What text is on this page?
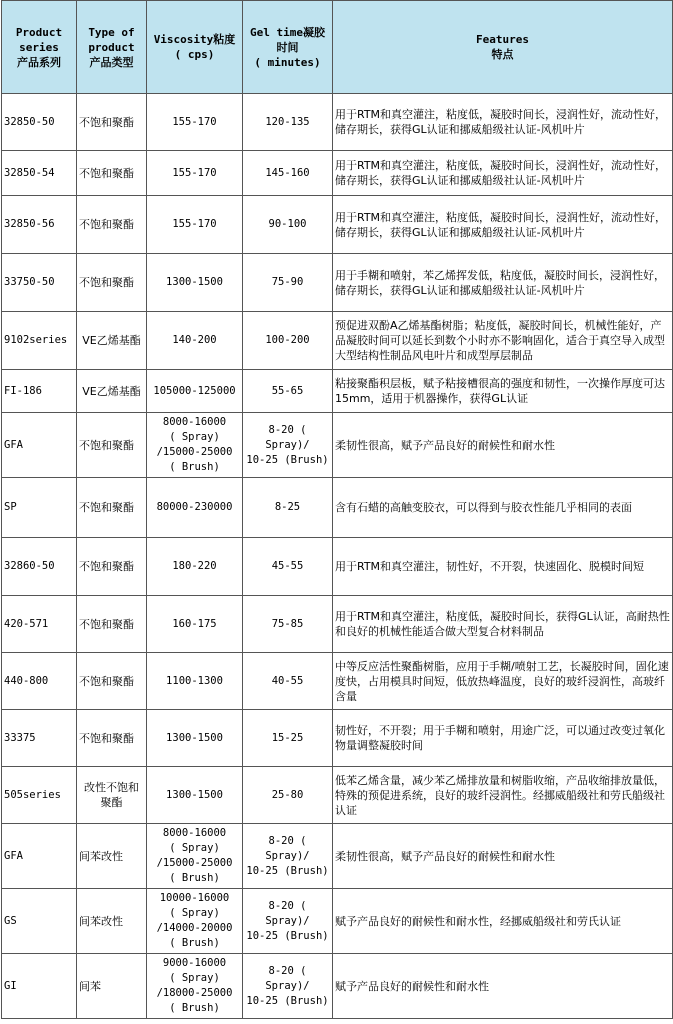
Product
series
产品系列	Type of
product
产品类型	Viscosity粘度
( cps)	Gel time凝胶
时间
( minutes)	Features
特点

32850-50	不饱和聚酯	155-170	120-135	用于RTM和真空灌注，粘度低，凝胶时间长，浸润性好，流动性好，储存期长，获得GL认证和挪威船级社认证-风机叶片
32850-54	不饱和聚酯	155-170	145-160	用于RTM和真空灌注，粘度低，凝胶时间长，浸润性好，流动性好，储存期长，获得GL认证和挪威船级社认证-风机叶片
32850-56	不饱和聚酯	155-170	90-100	用于RTM和真空灌注，粘度低，凝胶时间长，浸润性好，流动性好，储存期长，获得GL认证和挪威船级社认证-风机叶片
33750-50	不饱和聚酯	1300-1500	75-90	用于手糊和喷射，苯乙烯挥发低，粘度低，凝胶时间长，浸润性好，储存期长，获得GL认证和挪威船级社认证-风机叶片
9102series	VE乙烯基酯	140-200	100-200	预促进双酚A乙烯基酯树脂；粘度低，凝胶时间长，机械性能好，产品凝胶时间可以延长到数个小时亦不影响固化，适合于真空导入成型大型结构性制品风电叶片和成型厚层制品
FI-186	VE乙烯基酯	105000-125000	55-65	粘接聚酯积层板，赋予粘接槽很高的强度和韧性，一次操作厚度可达15mm，适用于机器操作，获得GL认证
GFA	不饱和聚酯	8000-16000
( Spray)
/15000-25000
( Brush)	8-20 ( Spray)/
10-25 (Brush)	柔韧性很高，赋予产品良好的耐候性和耐水性
SP	不饱和聚酯	80000-230000	8-25	含有石蜡的高触变胶衣，可以得到与胶衣性能几乎相同的表面
32860-50	不饱和聚酯	180-220	45-55	用于RTM和真空灌注，韧性好，不开裂，快速固化、脱模时间短
420-571	不饱和聚酯	160-175	75-85	用于RTM和真空灌注，粘度低，凝胶时间长，获得GL认证，高耐热性和良好的机械性能适合做大型复合材料制品
440-800	不饱和聚酯	1100-1300	40-55	中等反应活性聚酯树脂，应用于手糊/喷射工艺，长凝胶时间，固化速度快，占用模具时间短，低放热峰温度，良好的玻纤浸润性，高玻纤含量
33375	不饱和聚酯	1300-1500	15-25	韧性好，不开裂；用于手糊和喷射，用途广泛，可以通过改变过氧化物量调整凝胶时间
505series	改性不饱和聚酯	1300-1500	25-80	低苯乙烯含量，减少苯乙烯排放量和树脂收缩，产品收缩排放量低，特殊的预促进系统，良好的玻纤浸润性。经挪威船级社和劳氏船级社认证
GFA	间苯改性	8000-16000
( Spray)
/15000-25000
( Brush)	8-20 ( Spray)/
10-25 (Brush)	柔韧性很高，赋予产品良好的耐候性和耐水性
GS	间苯改性	10000-16000
( Spray)
/14000-20000
( Brush)	8-20 ( Spray)/
10-25 (Brush)	赋予产品良好的耐候性和耐水性，经挪威船级社和劳氏认证
GI	间苯	9000-16000
( Spray)
/18000-25000
( Brush)	8-20 ( Spray)/
10-25 (Brush)	赋予产品良好的耐候性和耐水性
